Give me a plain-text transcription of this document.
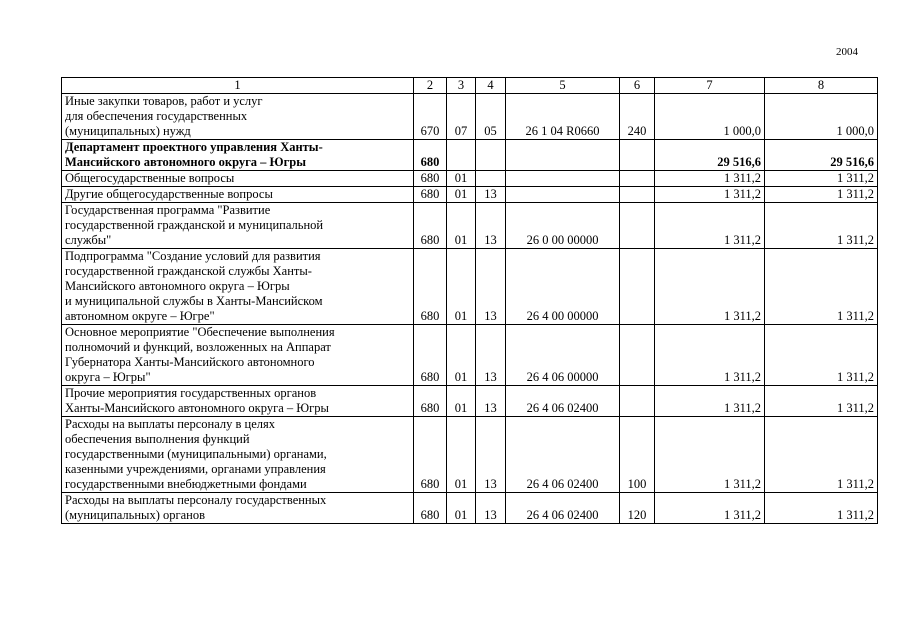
2004
1	2	3	4	5	6	7	8
Иные закупки товаров, работ и услуг
для обеспечения государственных
(муниципальных) нужд	670	07	05	26 1 04 R0660	240	1 000,0	1 000,0
Департамент проектного управления Ханты-
Мансийского автономного округа – Югры	680					29 516,6	29 516,6
Общегосударственные вопросы	680	01				1 311,2	1 311,2
Другие общегосударственные вопросы	680	01	13			1 311,2	1 311,2
Государственная программа "Развитие
государственной гражданской и муниципальной
службы"	680	01	13	26 0 00 00000		1 311,2	1 311,2
Подпрограмма "Создание условий для развития
государственной гражданской службы Ханты-
Мансийского автономного округа – Югры
и муниципальной службы в Ханты-Мансийском
автономном округе – Югре"	680	01	13	26 4 00 00000		1 311,2	1 311,2
Основное мероприятие "Обеспечение выполнения
полномочий и функций, возложенных на Аппарат
Губернатора Ханты-Мансийского автономного
округа – Югры"	680	01	13	26 4 06 00000		1 311,2	1 311,2
Прочие мероприятия государственных органов
Ханты-Мансийского автономного округа – Югры	680	01	13	26 4 06 02400		1 311,2	1 311,2
Расходы на выплаты персоналу в целях
обеспечения выполнения функций
государственными (муниципальными) органами,
казенными учреждениями, органами управления
государственными внебюджетными фондами	680	01	13	26 4 06 02400	100	1 311,2	1 311,2
Расходы на выплаты персоналу государственных
(муниципальных) органов	680	01	13	26 4 06 02400	120	1 311,2	1 311,2
